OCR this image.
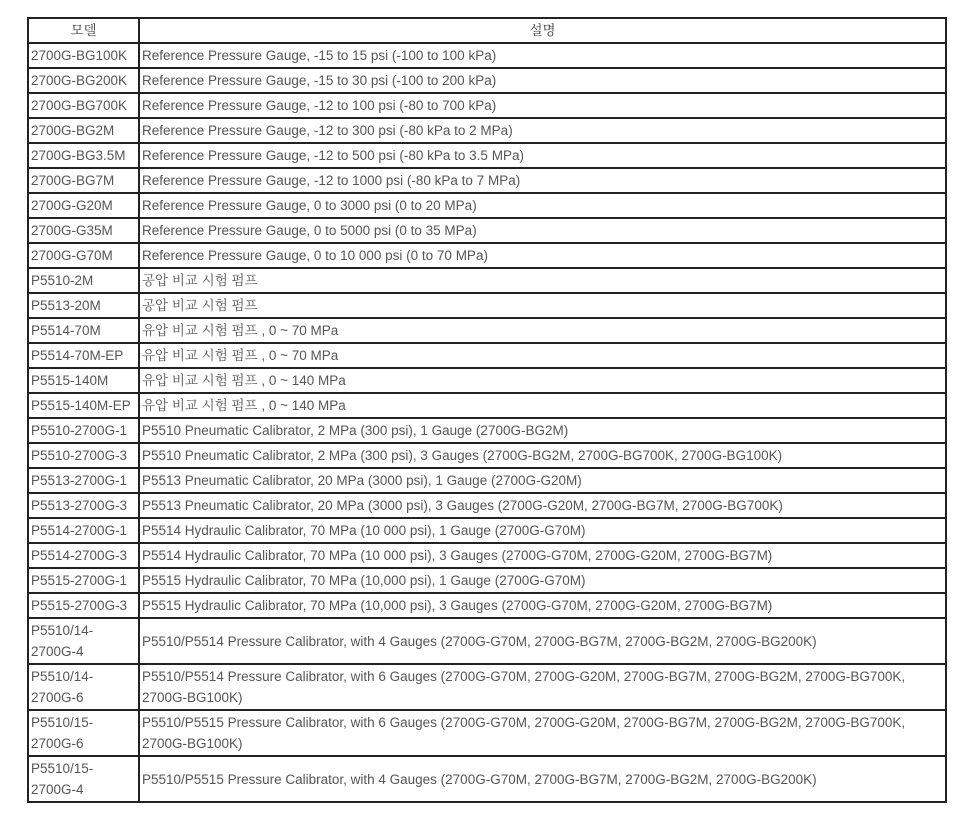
모델	설명
2700G-BG100K	Reference Pressure Gauge, -15 to 15 psi (-100 to 100 kPa)
2700G-BG200K	Reference Pressure Gauge, -15 to 30 psi (-100 to 200 kPa)
2700G-BG700K	Reference Pressure Gauge, -12 to 100 psi (-80 to 700 kPa)
2700G-BG2M	Reference Pressure Gauge, -12 to 300 psi (-80 kPa to 2 MPa)
2700G-BG3.5M	Reference Pressure Gauge, -12 to 500 psi (-80 kPa to 3.5 MPa)
2700G-BG7M	Reference Pressure Gauge, -12 to 1000 psi (-80 kPa to 7 MPa)
2700G-G20M	Reference Pressure Gauge, 0 to 3000 psi (0 to 20 MPa)
2700G-G35M	Reference Pressure Gauge, 0 to 5000 psi (0 to 35 MPa)
2700G-G70M	Reference Pressure Gauge, 0 to 10 000 psi (0 to 70 MPa)
P5510-2M	공압 비교 시험 펌프
P5513-20M	공압 비교 시험 펌프
P5514-70M	유압 비교 시험 펌프 , 0 ~ 70 MPa
P5514-70M-EP	유압 비교 시험 펌프 , 0 ~ 70 MPa
P5515-140M	유압 비교 시험 펌프 , 0 ~ 140 MPa
P5515-140M-EP	유압 비교 시험 펌프 , 0 ~ 140 MPa
P5510-2700G-1	P5510 Pneumatic Calibrator, 2 MPa (300 psi), 1 Gauge (2700G-BG2M)
P5510-2700G-3	P5510 Pneumatic Calibrator, 2 MPa (300 psi), 3 Gauges (2700G-BG2M, 2700G-BG700K, 2700G-BG100K)
P5513-2700G-1	P5513 Pneumatic Calibrator, 20 MPa (3000 psi), 1 Gauge (2700G-G20M)
P5513-2700G-3	P5513 Pneumatic Calibrator, 20 MPa (3000 psi), 3 Gauges (2700G-G20M, 2700G-BG7M, 2700G-BG700K)
P5514-2700G-1	P5514 Hydraulic Calibrator, 70 MPa (10 000 psi), 1 Gauge (2700G-G70M)
P5514-2700G-3	P5514 Hydraulic Calibrator, 70 MPa (10 000 psi), 3 Gauges (2700G-G70M, 2700G-G20M, 2700G-BG7M)
P5515-2700G-1	P5515 Hydraulic Calibrator, 70 MPa (10,000 psi), 1 Gauge (2700G-G70M)
P5515-2700G-3	P5515 Hydraulic Calibrator, 70 MPa (10,000 psi), 3 Gauges (2700G-G70M, 2700G-G20M, 2700G-BG7M)
P5510/14-
2700G-4	P5510/P5514 Pressure Calibrator, with 4 Gauges (2700G-G70M, 2700G-BG7M, 2700G-BG2M, 2700G-BG200K)
P5510/14-
2700G-6	P5510/P5514 Pressure Calibrator, with 6 Gauges (2700G-G70M, 2700G-G20M, 2700G-BG7M, 2700G-BG2M, 2700G-BG700K, 2700G-BG100K)
P5510/15-
2700G-6	P5510/P5515 Pressure Calibrator, with 6 Gauges (2700G-G70M, 2700G-G20M, 2700G-BG7M, 2700G-BG2M, 2700G-BG700K, 2700G-BG100K)
P5510/15-
2700G-4	P5510/P5515 Pressure Calibrator, with 4 Gauges (2700G-G70M, 2700G-BG7M, 2700G-BG2M, 2700G-BG200K)
